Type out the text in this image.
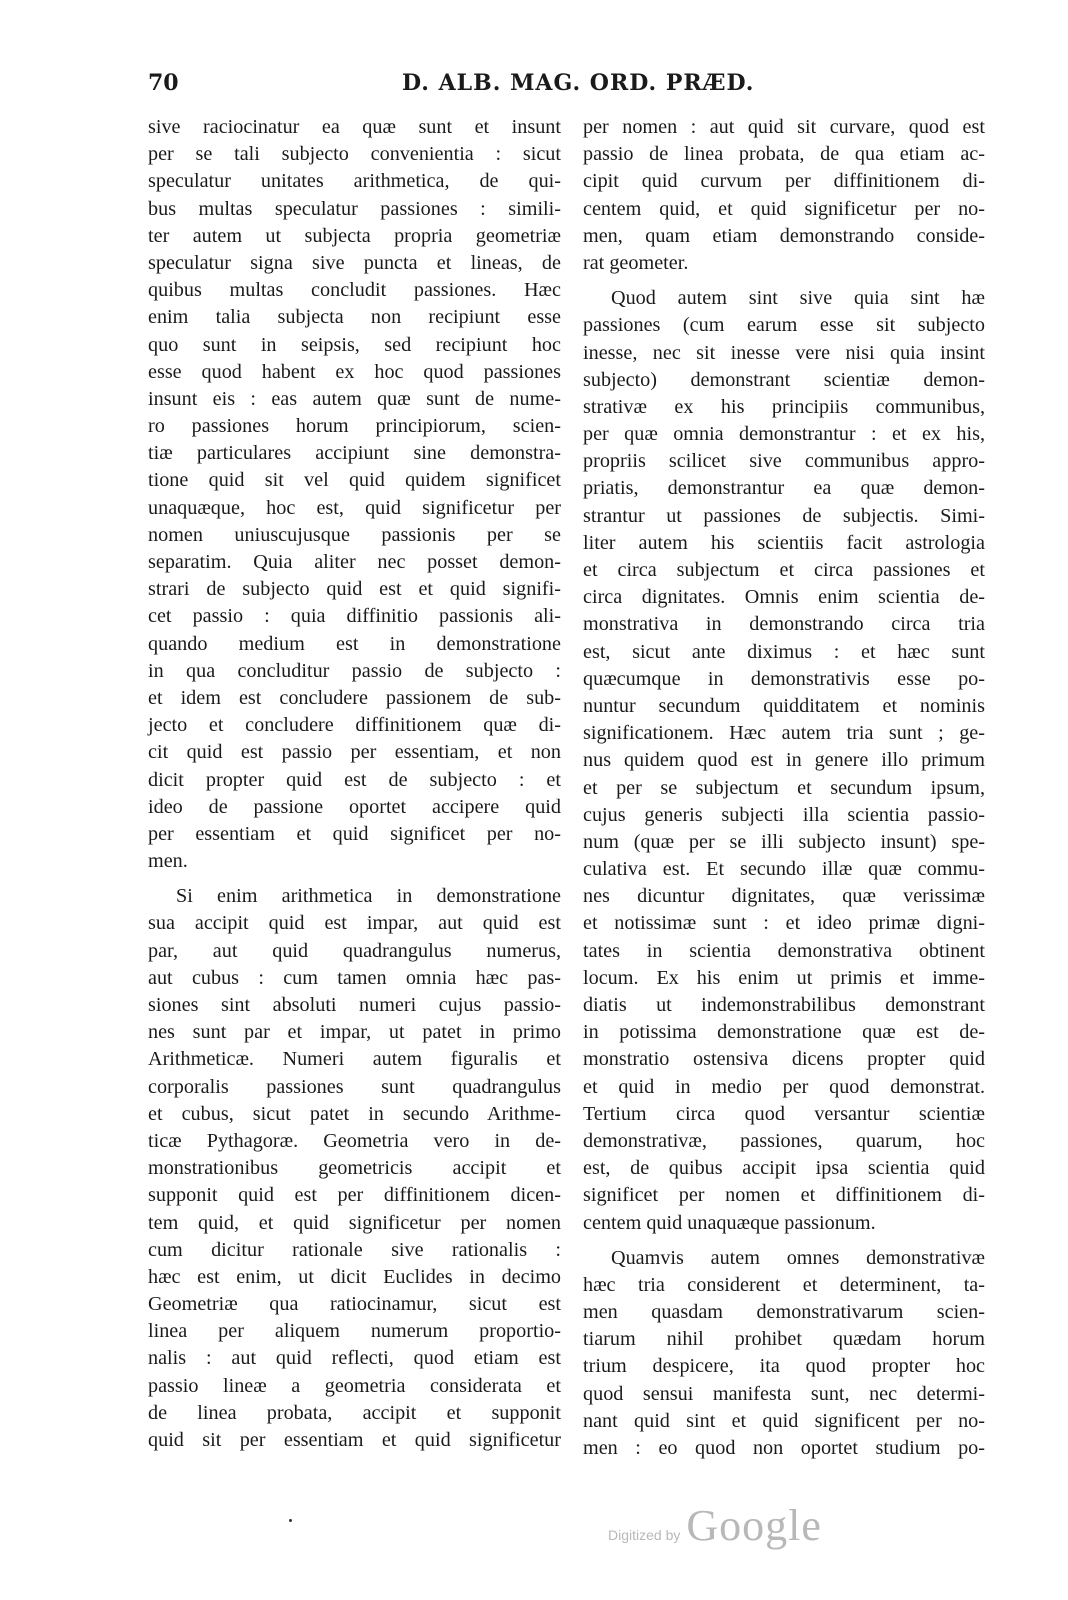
70	D. ALB. MAG. ORD. PRÆD.
sive raciocinatur ea quæ sunt et insunt
per se tali subjecto convenientia : sicut
speculatur unitates arithmetica, de qui-
bus multas speculatur passiones : simili-
ter autem ut subjecta propria geometriæ
speculatur signa sive puncta et lineas, de
quibus multas concludit passiones. Hæc
enim talia subjecta non recipiunt esse
quo sunt in seipsis, sed recipiunt hoc
esse quod habent ex hoc quod passiones
insunt eis : eas autem quæ sunt de nume-
ro passiones horum principiorum, scien-
tiæ particulares accipiunt sine demonstra-
tione quid sit vel quid quidem significet
unaquæque, hoc est, quid significetur per
nomen uniuscujusque passionis per se
separatim. Quia aliter nec posset demon-
strari de subjecto quid est et quid signifi-
cet passio : quia diffinitio passionis ali-
quando medium est in demonstratione
in qua concluditur passio de subjecto :
et idem est concludere passionem de sub-
jecto et concludere diffinitionem quæ di-
cit quid est passio per essentiam, et non
dicit propter quid est de subjecto : et
ideo de passione oportet accipere quid
per essentiam et quid significet per no-
men.
Si enim arithmetica in demonstratione
sua accipit quid est impar, aut quid est
par, aut quid quadrangulus numerus,
aut cubus : cum tamen omnia hæc pas-
siones sint absoluti numeri cujus passio-
nes sunt par et impar, ut patet in primo
Arithmeticæ. Numeri autem figuralis et
corporalis passiones sunt quadrangulus
et cubus, sicut patet in secundo Arithme-
ticæ Pythagoræ. Geometria vero in de-
monstrationibus geometricis accipit et
supponit quid est per diffinitionem dicen-
tem quid, et quid significetur per nomen
cum dicitur rationale sive rationalis :
hæc est enim, ut dicit Euclides in decimo
Geometriæ qua ratiocinamur, sicut est
linea per aliquem numerum proportio-
nalis : aut quid reflecti, quod etiam est
passio lineæ a geometria considerata et
de linea probata, accipit et supponit
quid sit per essentiam et quid significetur
per nomen : aut quid sit curvare, quod est
passio de linea probata, de qua etiam ac-
cipit quid curvum per diffinitionem di-
centem quid, et quid significetur per no-
men, quam etiam demonstrando conside-
rat geometer.
Quod autem sint sive quia sint hæ
passiones (cum earum esse sit subjecto
inesse, nec sit inesse vere nisi quia insint
subjecto) demonstrant scientiæ demon-
strativæ ex his principiis communibus,
per quæ omnia demonstrantur : et ex his,
propriis scilicet sive communibus appro-
priatis, demonstrantur ea quæ demon-
strantur ut passiones de subjectis. Simi-
liter autem his scientiis facit astrologia
et circa subjectum et circa passiones et
circa dignitates. Omnis enim scientia de-
monstrativa in demonstrando circa tria
est, sicut ante diximus : et hæc sunt
quæcumque in demonstrativis esse po-
nuntur secundum quidditatem et nominis
significationem. Hæc autem tria sunt ; ge-
nus quidem quod est in genere illo primum
et per se subjectum et secundum ipsum,
cujus generis subjecti illa scientia passio-
num (quæ per se illi subjecto insunt) spe-
culativa est. Et secundo illæ quæ commu-
nes dicuntur dignitates, quæ verissimæ
et notissimæ sunt : et ideo primæ digni-
tates in scientia demonstrativa obtinent
locum. Ex his enim ut primis et imme-
diatis ut indemonstrabilibus demonstrant
in potissima demonstratione quæ est de-
monstratio ostensiva dicens propter quid
et quid in medio per quod demonstrat.
Tertium circa quod versantur scientiæ
demonstrativæ, passiones, quarum, hoc
est, de quibus accipit ipsa scientia quid
significet per nomen et diffinitionem di-
centem quid unaquæque passionum.
Quamvis autem omnes demonstrativæ
hæc tria considerent et determinent, ta-
men quasdam demonstrativarum scien-
tiarum nihil prohibet quædam horum
trium despicere, ita quod propter hoc
quod sensui manifesta sunt, nec determi-
nant quid sint et quid significent per no-
men : eo quod non oportet studium po-
Digitized by Google
